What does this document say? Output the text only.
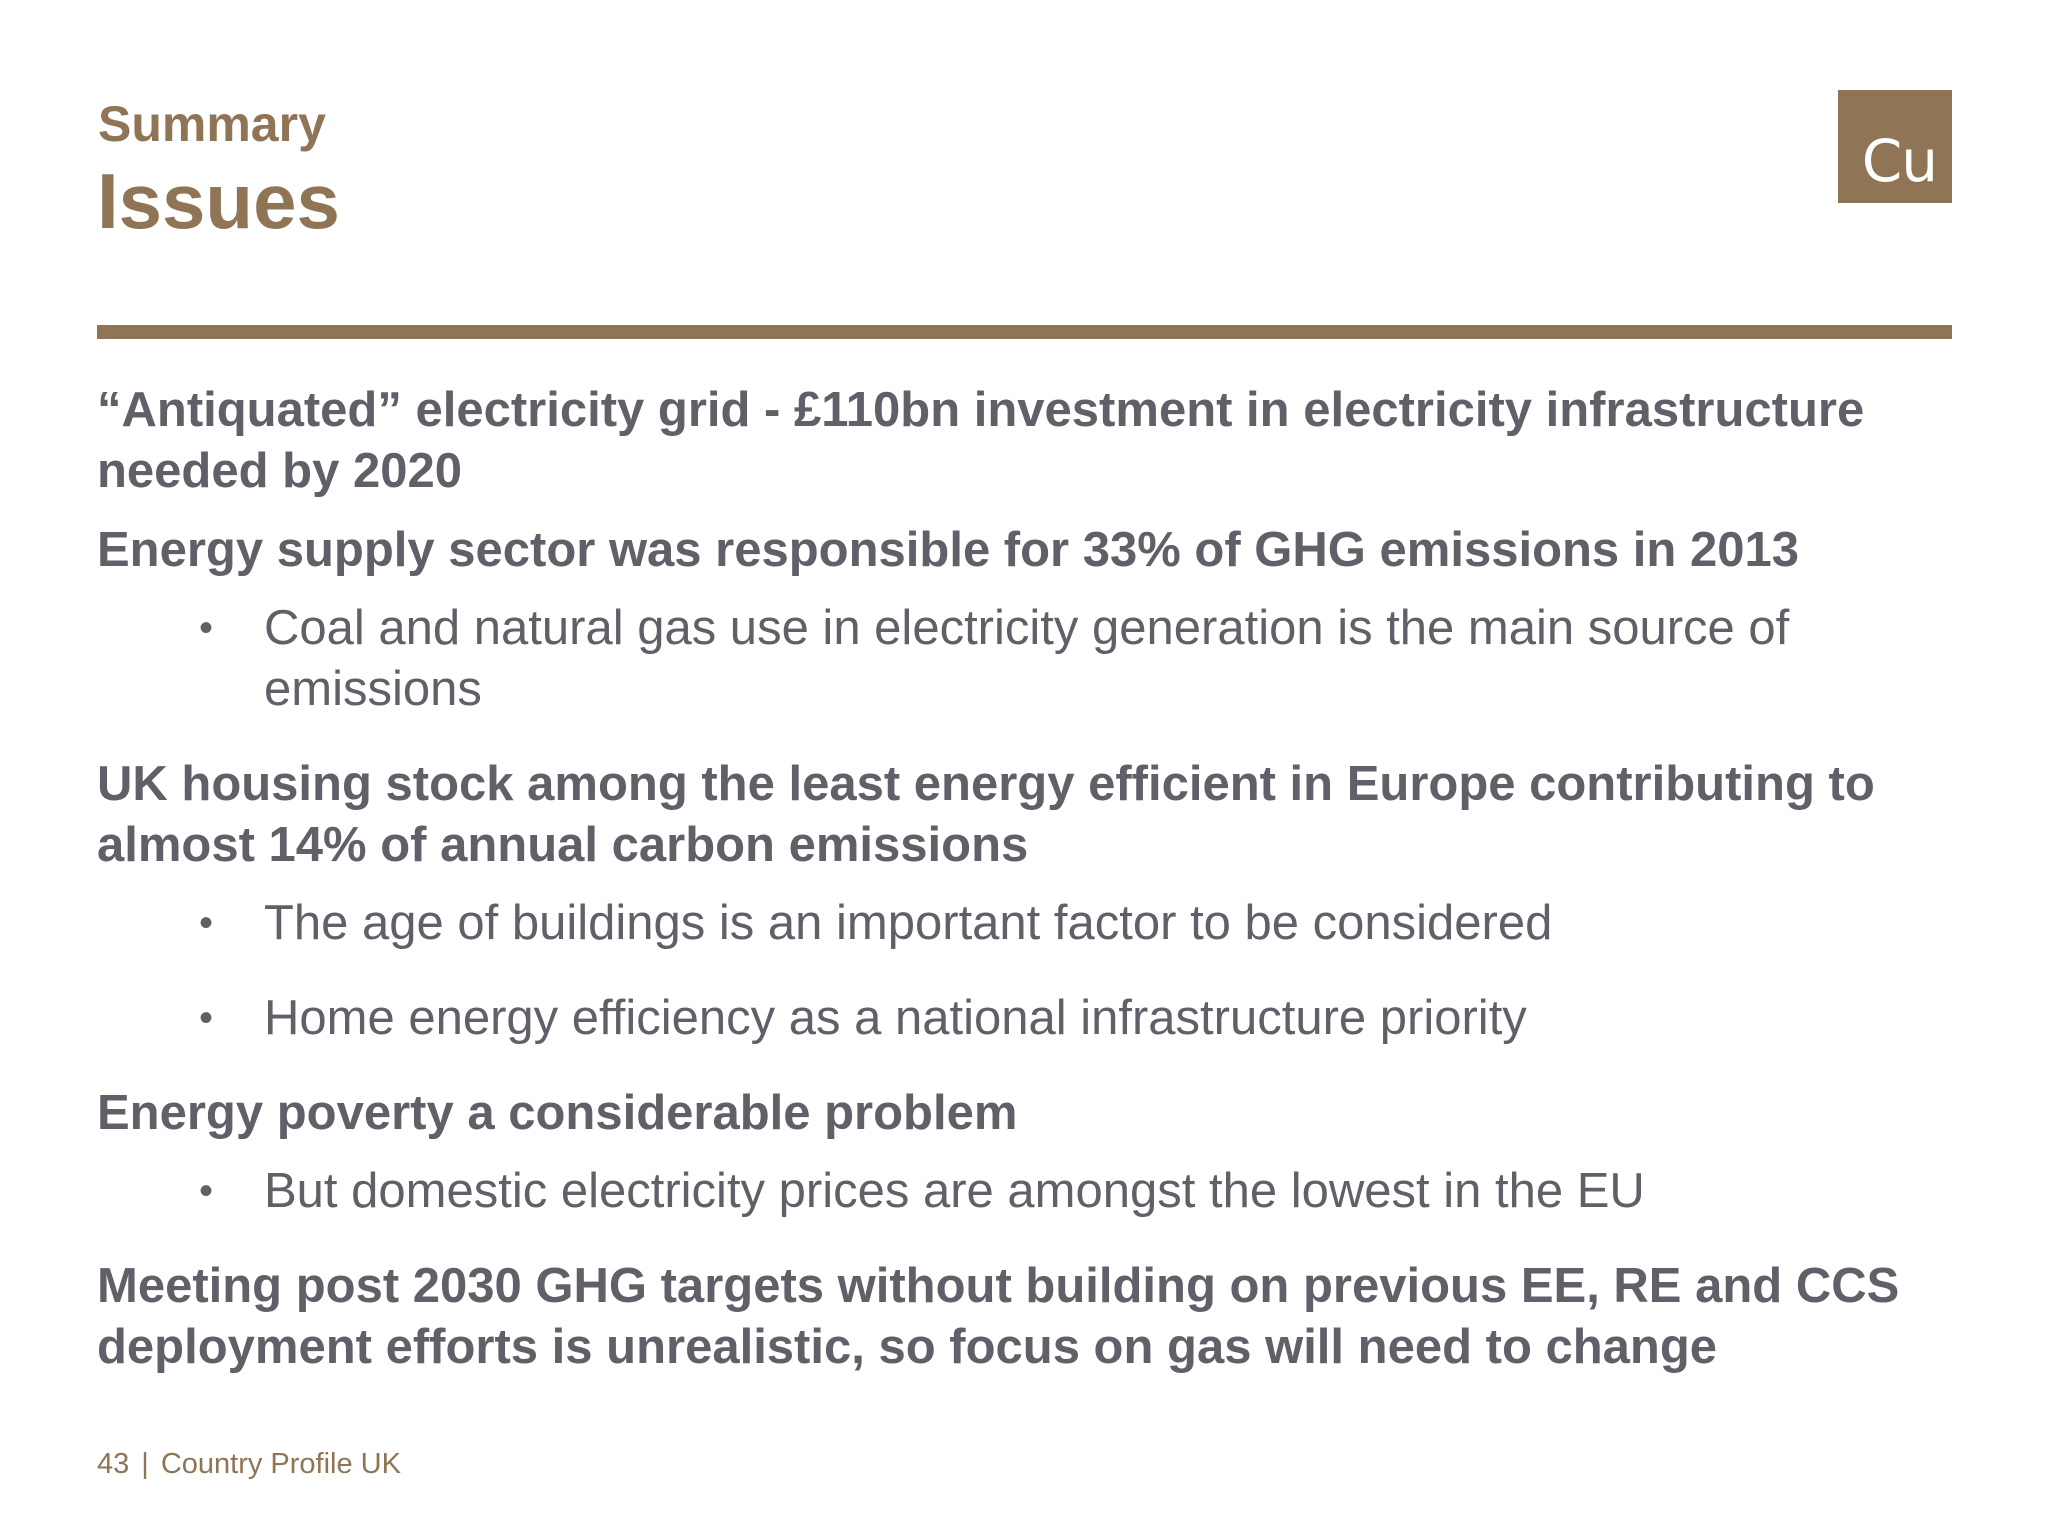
Summary
Issues	Cu

“Antiquated” electricity grid - £110bn investment in electricity infrastructure needed by 2020

Energy supply sector was responsible for 33% of GHG emissions in 2013

• Coal and natural gas use in electricity generation is the main source of emissions

UK housing stock among the least energy efficient in Europe contributing to almost 14% of annual carbon emissions

• The age of buildings is an important factor to be considered

• Home energy efficiency as a national infrastructure priority

Energy poverty a considerable problem

• But domestic electricity prices are amongst the lowest in the EU

Meeting post 2030 GHG targets without building on previous EE, RE and CCS deployment efforts is unrealistic, so focus on gas will need to change

43 | Country Profile UK
